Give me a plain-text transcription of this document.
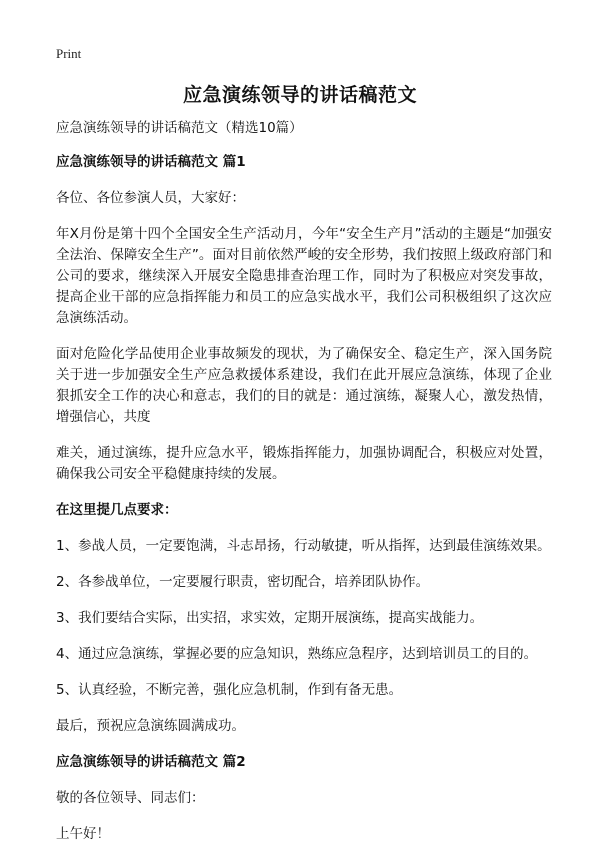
Print
应急演练领导的讲话稿范文

应急演练领导的讲话稿范文（精选10篇）

应急演练领导的讲话稿范文 篇1

各位、各位参演人员，大家好：

年X月份是第十四个全国安全生产活动月，今年“安全生产月”活动的主题是“加强安全法治、保障安全生产”。面对目前依然严峻的安全形势，我们按照上级政府部门和公司的要求，继续深入开展安全隐患排查治理工作，同时为了积极应对突发事故，提高企业干部的应急指挥能力和员工的应急实战水平，我们公司积极组织了这次应急演练活动。

面对危险化学品使用企业事故频发的现状，为了确保安全、稳定生产，深入国务院关于进一步加强安全生产应急救援体系建设，我们在此开展应急演练，体现了企业狠抓安全工作的决心和意志，我们的目的就是：通过演练，凝聚人心，激发热情，增强信心，共度

难关，通过演练，提升应急水平，锻炼指挥能力，加强协调配合，积极应对处置，确保我公司安全平稳健康持续的发展。

在这里提几点要求：

1、参战人员，一定要饱满，斗志昂扬，行动敏捷，听从指挥，达到最佳演练效果。

2、各参战单位，一定要履行职责，密切配合，培养团队协作。

3、我们要结合实际，出实招，求实效，定期开展演练，提高实战能力。

4、通过应急演练，掌握必要的应急知识，熟练应急程序，达到培训员工的目的。

5、认真经验，不断完善，强化应急机制，作到有备无患。

最后，预祝应急演练圆满成功。

应急演练领导的讲话稿范文 篇2

敬的各位领导、同志们：

上午好！
